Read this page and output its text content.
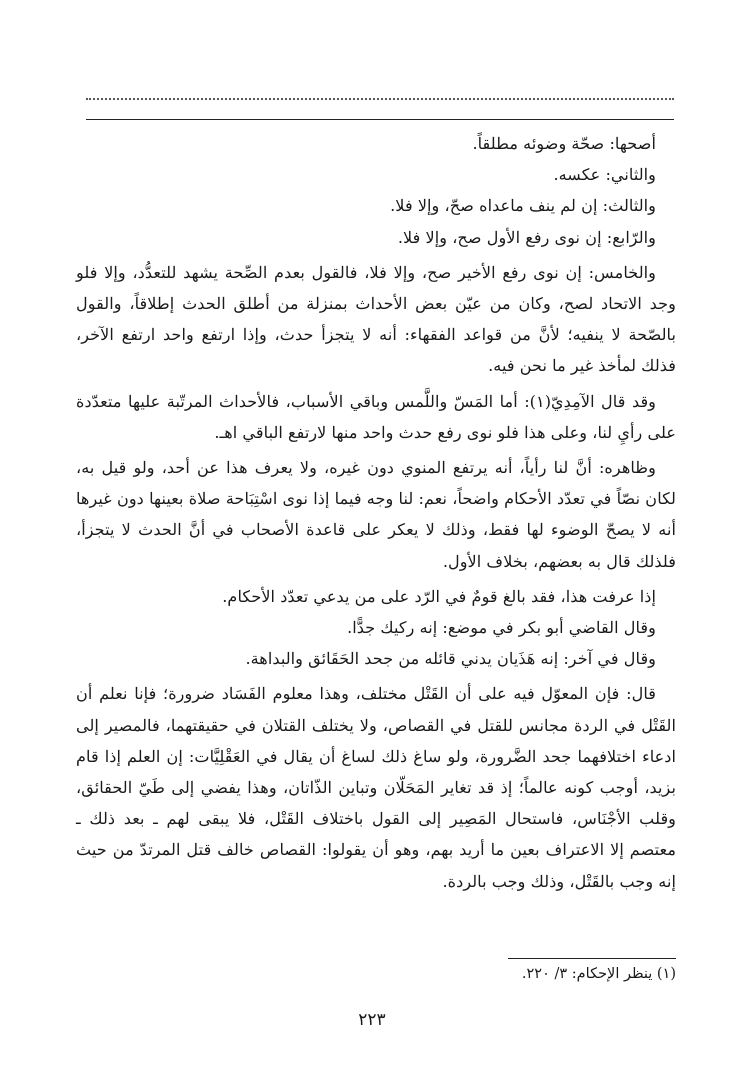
أصحها: صحّة وضوئه مطلقاً.

والثاني: عكسه.

والثالث: إن لم ينف ماعداه صحّ، وإلا فلا.

والرّابع: إن نوى رفع الأول صح، وإلا فلا.

والخامس: إن نوى رفع الأخير صح، وإلا فلا، فالقول بعدم الصِّحة يشهد للتعدُّد، وإلا فلو وجد الاتحاد لصح، وكان من عيّن بعض الأحداث بمنزلة من أطلق الحدث إطلاقاً، والقول بالصّحة لا ينفيه؛ لأنَّ من قواعد الفقهاء: أنه لا يتجزأ حدث، وإذا ارتفع واحد ارتفع الآخر، فذلك لمأخذ غير ما نحن فيه.

وقد قال الآمِدِيّ(١): أما المَسّ واللَّمس وباقي الأسباب، فالأحداث المرتّبة عليها متعدّدة على رأيِ لنا، وعلى هذا فلو نوى رفع حدث واحد منها لارتفع الباقي اهـ.

وظاهره: أنَّ لنا رأياً، أنه يرتفع المنوي دون غيره، ولا يعرف هذا عن أحد، ولو قيل به، لكان نصّاً في تعدّد الأحكام واضحاً، نعم: لنا وجه فيما إذا نوى اسْتِبَاحة صلاة بعينها دون غيرها أنه لا يصحّ الوضوء لها فقط، وذلك لا يعكر على قاعدة الأصحاب في أنَّ الحدث لا يتجزأ، فلذلك قال به بعضهم، بخلاف الأول.

إذا عرفت هذا، فقد بالغ قومٌ في الرّد على من يدعي تعدّد الأحكام.

وقال القاضي أبو بكر في موضع: إنه ركيك جدًّا.

وقال في آخر: إنه هَذَيان يدني قائله من جحد الحَقَائق والبداهة.

قال: فإن المعوّل فيه على أن القَتْل مختلف، وهذا معلوم الفَسَاد ضرورة؛ فإنا نعلم أن القَتْل في الردة مجانس للقتل في القصاص، ولا يختلف القتلان في حقيقتهما، فالمصير إلى ادعاء اختلافهما جحد الضَّرورة، ولو ساغ ذلك لساغ أن يقال في العَقْلِيَّات: إن العلم إذا قام بزيد، أوجب كونه عالماً؛ إذ قد تغاير المَحَلّان وتباين الذّاتان، وهذا يفضي إلى طَيّ الحقائق، وقلب الأجْنَاس، فاستحال المَصِير إلى القول باختلاف القَتْل، فلا يبقى لهم ـ بعد ذلك ـ معتصم إلا الاعتراف بعين ما أريد بهم، وهو أن يقولوا: القصاص خالف قتل المرتدّ من حيث إنه وجب بالقَتْل، وذلك وجب بالردة.

(١) ينظر الإحكام: ٣/ ٢٢٠.
٢٢٣
